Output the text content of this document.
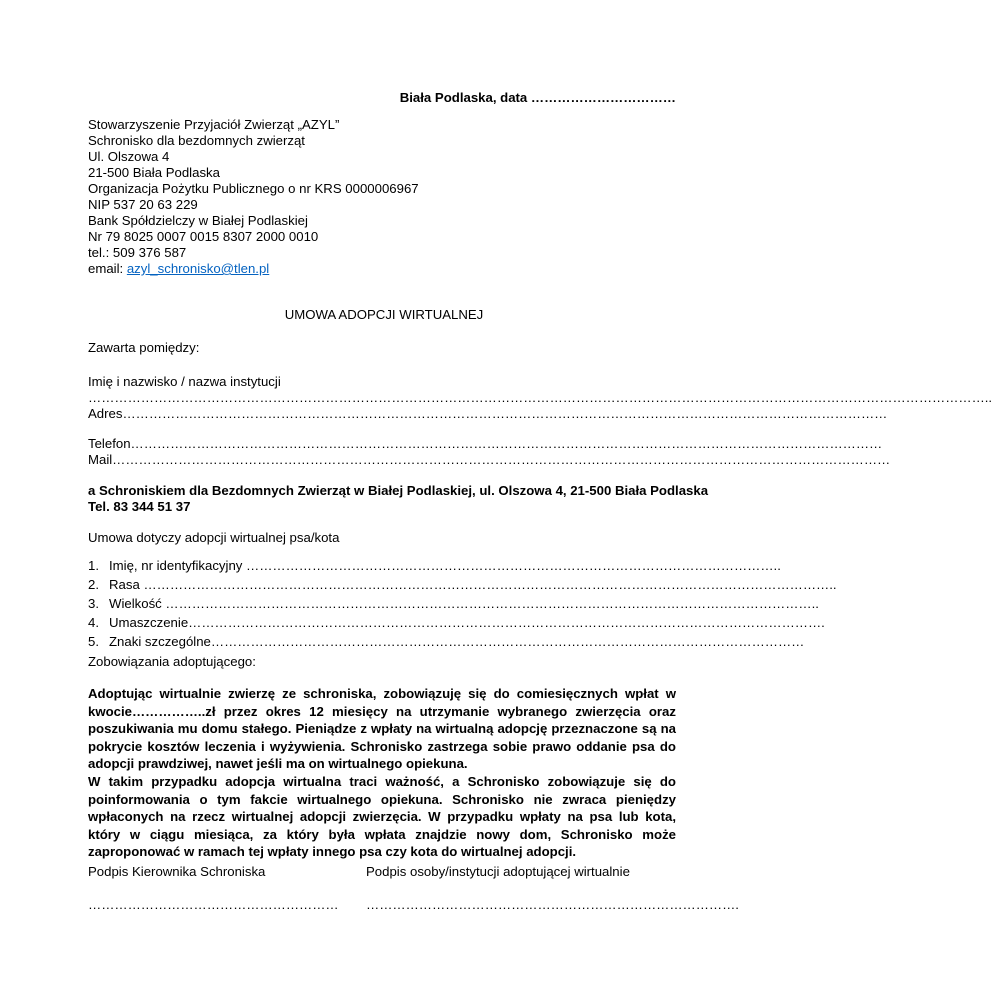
Biała Podlaska, data ……………………………
Stowarzyszenie Przyjaciół Zwierząt „AZYL”
Schronisko dla bezdomnych zwierząt
Ul. Olszowa 4
21-500 Biała Podlaska
Organizacja Pożytku Publicznego o nr KRS 0000006967
NIP 537 20 63 229
Bank Spółdzielczy w Białej Podlaskiej
Nr 79 8025 0007 0015 8307 2000 0010
tel.: 509 376 587
email: azyl_schronisko@tlen.pl
UMOWA ADOPCJI WIRTUALNEJ
Zawarta pomiędzy:
Imię i nazwisko / nazwa instytucji
……………………………………………………………………………………………………………………………………………………………………………………..
Adres…………………………………………………………………………………………………………………………………………………………
Telefon………………………………………………………………………………………………………………………………………………………
Mail……………………………………………………………………………………………………………………………………………………………
a Schroniskiem dla Bezdomnych Zwierząt w Białej Podlaskiej, ul. Olszowa 4, 21-500 Biała Podlaska
Tel. 83 344 51 37
Umowa dotyczy adopcji wirtualnej psa/kota
1. Imię, nr identyfikacyjny …………………………………………………………………………………………………………..
2. Rasa …………………………………………………………………………………………………………………………………………..
3. Wielkość …………………………………………………………………………………………………………………………………..
4. Umaszczenie……………………………………………………………………………………………………………………………….
5. Znaki szczególne………………………………………………………………………………………………………………………
Zobowiązania adoptującego:

Adoptując wirtualnie zwierzę ze schroniska, zobowiązuję się do comiesięcznych wpłat w kwocie……………..zł przez okres 12 miesięcy na utrzymanie wybranego zwierzęcia oraz poszukiwania mu domu stałego. Pieniądze z wpłaty na wirtualną adopcję przeznaczone są na pokrycie kosztów leczenia i wyżywienia. Schronisko zastrzega sobie prawo oddanie psa do adopcji prawdziwej, nawet jeśli ma on wirtualnego opiekuna.

W takim przypadku adopcja wirtualna traci ważność, a Schronisko zobowiązuje się do poinformowania o tym fakcie wirtualnego opiekuna. Schronisko nie zwraca pieniędzy wpłaconych na rzecz wirtualnej adopcji zwierzęcia. W przypadku wpłaty na psa lub kota, który w ciągu miesiąca, za który była wpłata znajdzie nowy dom, Schronisko może zaproponować w ramach tej wpłaty innego psa czy kota do wirtualnej adopcji.

Podpis Kierownika Schroniska	Podpis osoby/instytucji adoptującej wirtualnie
………………………………………………… ………………………………………………………………………….
